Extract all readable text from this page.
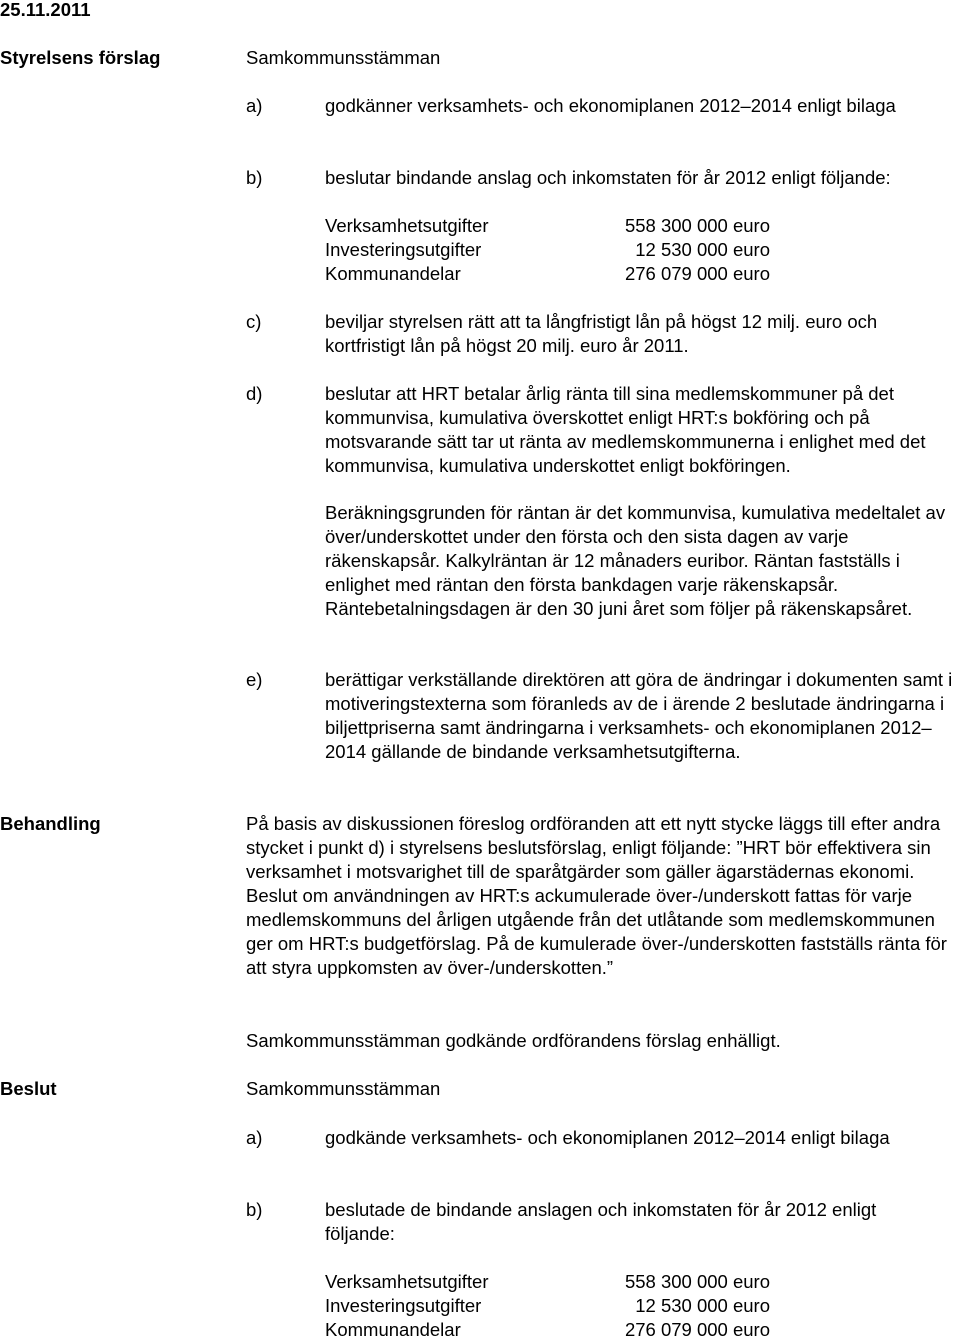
25.11.2011
Styrelsens förslag	Samkommunsstämman
a)	godkänner verksamhets- och ekonomiplanen 2012–2014 enligt bilaga
b)	beslutar bindande anslag och inkomstaten för år 2012 enligt följande:
Verksamhetsutgifter	558 300 000 euro
Investeringsutgifter	12 530 000 euro
Kommunandelar	276 079 000 euro
c)	beviljar styrelsen rätt att ta långfristigt lån på högst 12 milj. euro och kortfristigt lån på högst 20 milj. euro år 2011.
d)	beslutar att HRT betalar årlig ränta till sina medlemskommuner på det kommunvisa, kumulativa överskottet enligt HRT:s bokföring och på motsvarande sätt tar ut ränta av medlemskommunerna i enlighet med det kommunvisa, kumulativa underskottet enligt bokföringen.
Beräkningsgrunden för räntan är det kommunvisa, kumulativa medeltalet av över/underskottet under den första och den sista dagen av varje räkenskapsår. Kalkylräntan är 12 månaders euribor. Räntan fastställs i enlighet med räntan den första bankdagen varje räkenskapsår. Räntebetalningsdagen är den 30 juni året som följer på räkenskapsåret.
e)	berättigar verkställande direktören att göra de ändringar i dokumenten samt i motiveringstexterna som föranleds av de i ärende 2 beslutade ändringarna i biljettpriserna samt ändringarna i verksamhets- och ekonomiplanen 2012–2014 gällande de bindande verksamhetsutgifterna.
Behandling	På basis av diskussionen föreslog ordföranden att ett nytt stycke läggs till efter andra stycket i punkt d) i styrelsens beslutsförslag, enligt följande: ”HRT bör effektivera sin verksamhet i motsvarighet till de sparåtgärder som gäller ägarstädernas ekonomi. Beslut om användningen av HRT:s ackumulerade över-/underskott fattas för varje medlemskommuns del årligen utgående från det utlåtande som medlemskommunen ger om HRT:s budgetförslag. På de kumulerade över-/underskotten fastställs ränta för att styra uppkomsten av över-/underskotten.”
Samkommunsstämman godkände ordförandens förslag enhälligt.
Beslut	Samkommunsstämman
a)	godkände verksamhets- och ekonomiplanen 2012–2014 enligt bilaga
b)	beslutade de bindande anslagen och inkomstaten för år 2012 enligt följande:
Verksamhetsutgifter	558 300 000 euro
Investeringsutgifter	12 530 000 euro
Kommunandelar	276 079 000 euro
